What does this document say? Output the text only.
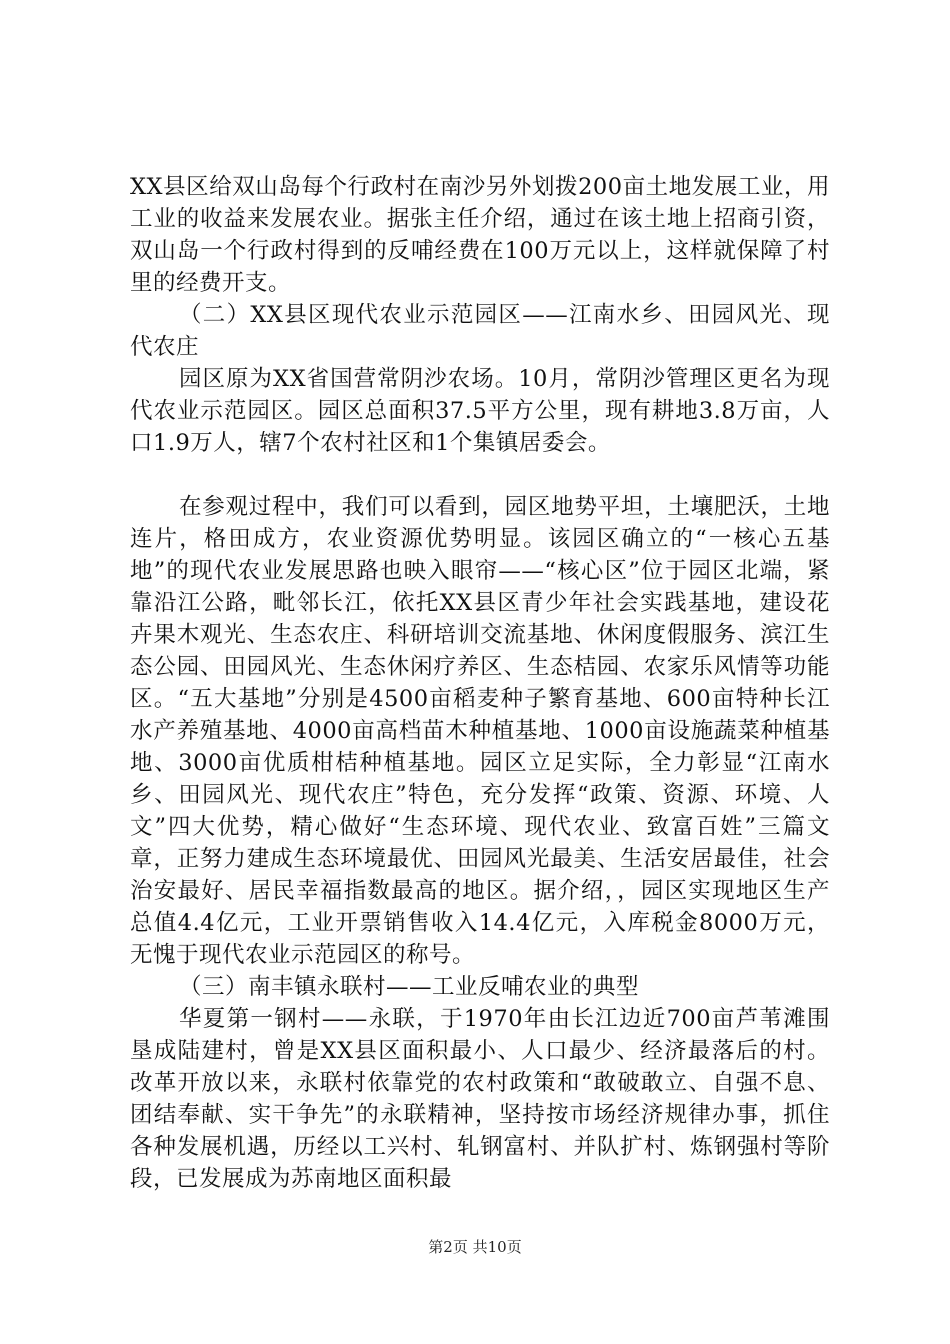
XX县区给双山岛每个行政村在南沙另外划拨200亩土地发展工业，用工业的收益来发展农业。据张主任介绍，通过在该土地上招商引资，双山岛一个行政村得到的反哺经费在100万元以上，这样就保障了村里的经费开支。

（二）XX县区现代农业示范园区——江南水乡、田园风光、现代农庄

园区原为XX省国营常阴沙农场。10月，常阴沙管理区更名为现代农业示范园区。园区总面积37.5平方公里，现有耕地3.8万亩，人口1.9万人，辖7个农村社区和1个集镇居委会。

在参观过程中，我们可以看到，园区地势平坦，土壤肥沃，土地连片，格田成方，农业资源优势明显。该园区确立的“一核心五基地”的现代农业发展思路也映入眼帘——“核心区”位于园区北端，紧靠沿江公路，毗邻长江，依托XX县区青少年社会实践基地，建设花卉果木观光、生态农庄、科研培训交流基地、休闲度假服务、滨江生态公园、田园风光、生态休闲疗养区、生态桔园、农家乐风情等功能区。“五大基地”分别是4500亩稻麦种子繁育基地、600亩特种长江水产养殖基地、4000亩高档苗木种植基地、1000亩设施蔬菜种植基地、3000亩优质柑桔种植基地。园区立足实际，全力彰显“江南水乡、田园风光、现代农庄”特色，充分发挥“政策、资源、环境、人文”四大优势，精心做好“生态环境、现代农业、致富百姓”三篇文章，正努力建成生态环境最优、田园风光最美、生活安居最佳，社会治安最好、居民幸福指数最高的地区。据介绍，，园区实现地区生产总值4.4亿元，工业开票销售收入14.4亿元，入库税金8000万元，无愧于现代农业示范园区的称号。

（三）南丰镇永联村——工业反哺农业的典型

华夏第一钢村——永联，于1970年由长江边近700亩芦苇滩围垦成陆建村，曾是XX县区面积最小、人口最少、经济最落后的村。改革开放以来，永联村依靠党的农村政策和“敢破敢立、自强不息、团结奉献、实干争先”的永联精神，坚持按市场经济规律办事，抓住各种发展机遇，历经以工兴村、轧钢富村、并队扩村、炼钢强村等阶段，已发展成为苏南地区面积最

第2页 共10页
